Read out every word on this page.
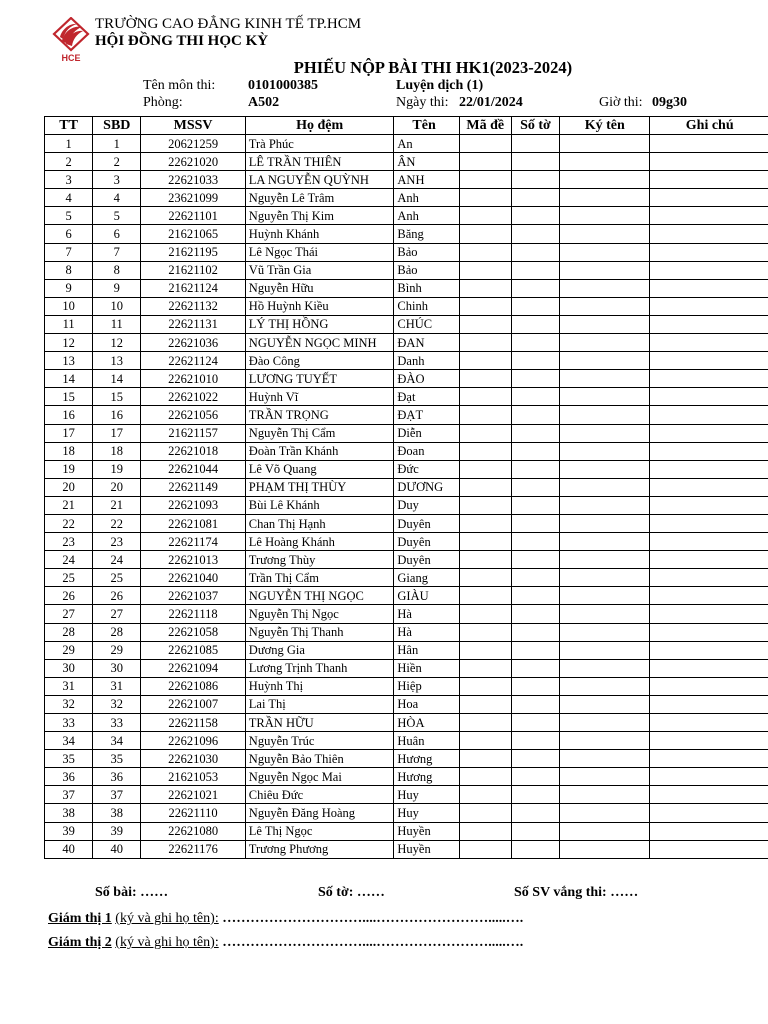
HCE
TRƯỜNG CAO ĐẲNG KINH TẾ TP.HCM
HỘI ĐỒNG THI HỌC KỲ
PHIẾU NỘP BÀI THI HK1(2023-2024)
Tên môn thi: 0101000385	Luyện dịch (1)
Phòng:	A502	Ngày thi: 22/01/2024	Giờ thi: 09g30
TT	SBD	MSSV	Họ đệm	Tên	Mã đề	Số tờ	Ký tên	Ghi chú
1	1	20621259	Trà Phúc	An				
2	2	22621020	LÊ TRẦN THIÊN	ÂN				
3	3	22621033	LA NGUYỄN QUỲNH	ANH				
4	4	23621099	Nguyễn Lê Trâm	Anh				
5	5	22621101	Nguyễn Thị Kim	Anh				
6	6	21621065	Huỳnh Khánh	Băng				
7	7	21621195	Lê Ngọc Thái	Bảo				
8	8	21621102	Vũ Trần Gia	Bảo				
9	9	21621124	Nguyễn Hữu	Bình				
10	10	22621132	Hồ Huỳnh Kiều	Chinh				
11	11	22621131	LÝ THỊ HỒNG	CHÚC				
12	12	22621036	NGUYỄN NGỌC MINH	ĐAN				
13	13	22621124	Đào Công	Danh				
14	14	22621010	LƯƠNG TUYẾT	ĐÀO				
15	15	22621022	Huỳnh Vĩ	Đạt				
16	16	22621056	TRẦN TRỌNG	ĐẠT				
17	17	21621157	Nguyễn Thị Cẩm	Diễn				
18	18	22621018	Đoàn Trần Khánh	Đoan				
19	19	22621044	Lê Võ Quang	Đức				
20	20	22621149	PHẠM THỊ THÙY	DƯƠNG				
21	21	22621093	Bùi Lê Khánh	Duy				
22	22	22621081	Chan Thị Hạnh	Duyên				
23	23	22621174	Lê Hoàng Khánh	Duyên				
24	24	22621013	Trương Thùy	Duyên				
25	25	22621040	Trần Thị Cẩm	Giang				
26	26	22621037	NGUYỄN THỊ NGỌC	GIÀU				
27	27	22621118	Nguyễn Thị Ngọc	Hà				
28	28	22621058	Nguyễn Thị Thanh	Hà				
29	29	22621085	Dương Gia	Hân				
30	30	22621094	Lương Trịnh Thanh	Hiền				
31	31	22621086	Huỳnh Thị	Hiệp				
32	32	22621007	Lai Thị	Hoa				
33	33	22621158	TRẦN HỮU	HÒA				
34	34	22621096	Nguyễn Trúc	Huân				
35	35	22621030	Nguyễn Bảo Thiên	Hương				
36	36	21621053	Nguyễn Ngọc Mai	Hương				
37	37	22621021	Chiêu Đức	Huy				
38	38	22621110	Nguyễn Đăng Hoàng	Huy				
39	39	22621080	Lê Thị Ngọc	Huyền				
40	40	22621176	Trương Phương	Huyền				
Số bài: ……	Số tờ: ……	Số SV vắng thi: ……
Giám thị 1 (ký và ghi họ tên): …………………………....…………………….....….
Giám thị 2 (ký và ghi họ tên): …………………………....…………………….....….
